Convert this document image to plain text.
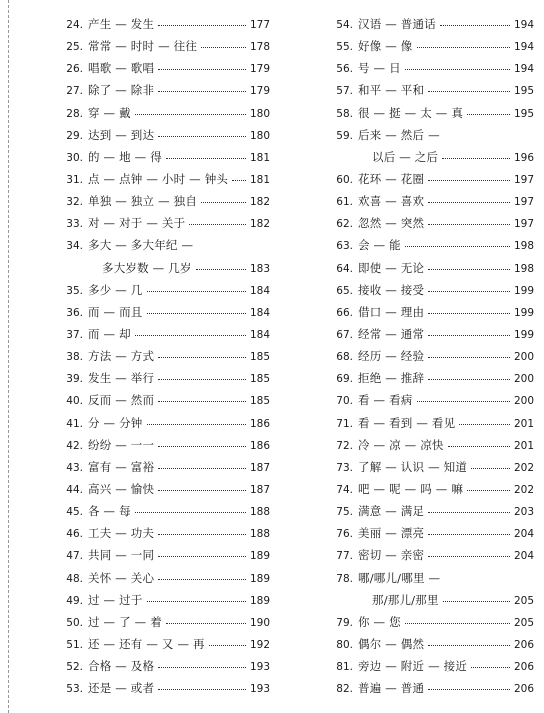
24. 产生 — 发生	177
25. 常常 — 时时 — 往往	178
26. 唱歌 — 歌唱	179
27. 除了 — 除非	179
28. 穿 — 戴	180
29. 达到 — 到达	180
30. 的 — 地 — 得	181
31. 点 — 点钟 — 小时 — 钟头 181
32. 单独 — 独立 — 独自	182
33. 对 — 对于 — 关于	182
34. 多大 — 多大年纪 —
多大岁数 — 几岁	183
35. 多少 — 几	184
36. 而 — 而且	184
37. 而 — 却	184
38. 方法 — 方式	185
39. 发生 — 举行	185
40. 反而 — 然而	185
41. 分 — 分钟	186
42. 纷纷 — 一一	186
43. 富有 — 富裕	187
44. 高兴 — 愉快	187
45. 各 — 每	188
46. 工夫 — 功夫	188
47. 共同 — 一同	189
48. 关怀 — 关心	189
49. 过 — 过于	189
50. 过 — 了 — 着	190
51. 还 — 还有 — 又 — 再	192
52. 合格 — 及格	193
53. 还是 — 或者	193
54. 汉语 — 普通话	194
55. 好像 — 像	194
56. 号 — 日	194
57. 和平 — 平和	195
58. 很 — 挺 — 太 — 真	195
59. 后来 — 然后 —
以后 — 之后	196
60. 花环 — 花圈	197
61. 欢喜 — 喜欢	197
62. 忽然 — 突然	197
63. 会 — 能	198
64. 即使 — 无论	198
65. 接收 — 接受	199
66. 借口 — 理由	199
67. 经常 — 通常	199
68. 经历 — 经验	200
69. 拒绝 — 推辞	200
70. 看 — 看病	200
71. 看 — 看到 — 看见	201
72. 冷 — 凉 — 凉快	201
73. 了解 — 认识 — 知道	202
74. 吧 — 呢 — 吗 — 嘛	202
75. 满意 — 满足	203
76. 美丽 — 漂亮	204
77. 密切 — 亲密	204
78. 哪/哪儿/哪里 —
那/那儿/那里	205
79. 你 — 您	205
80. 偶尔 — 偶然	206
81. 旁边 — 附近 — 接近	206
82. 普遍 — 普通	206
